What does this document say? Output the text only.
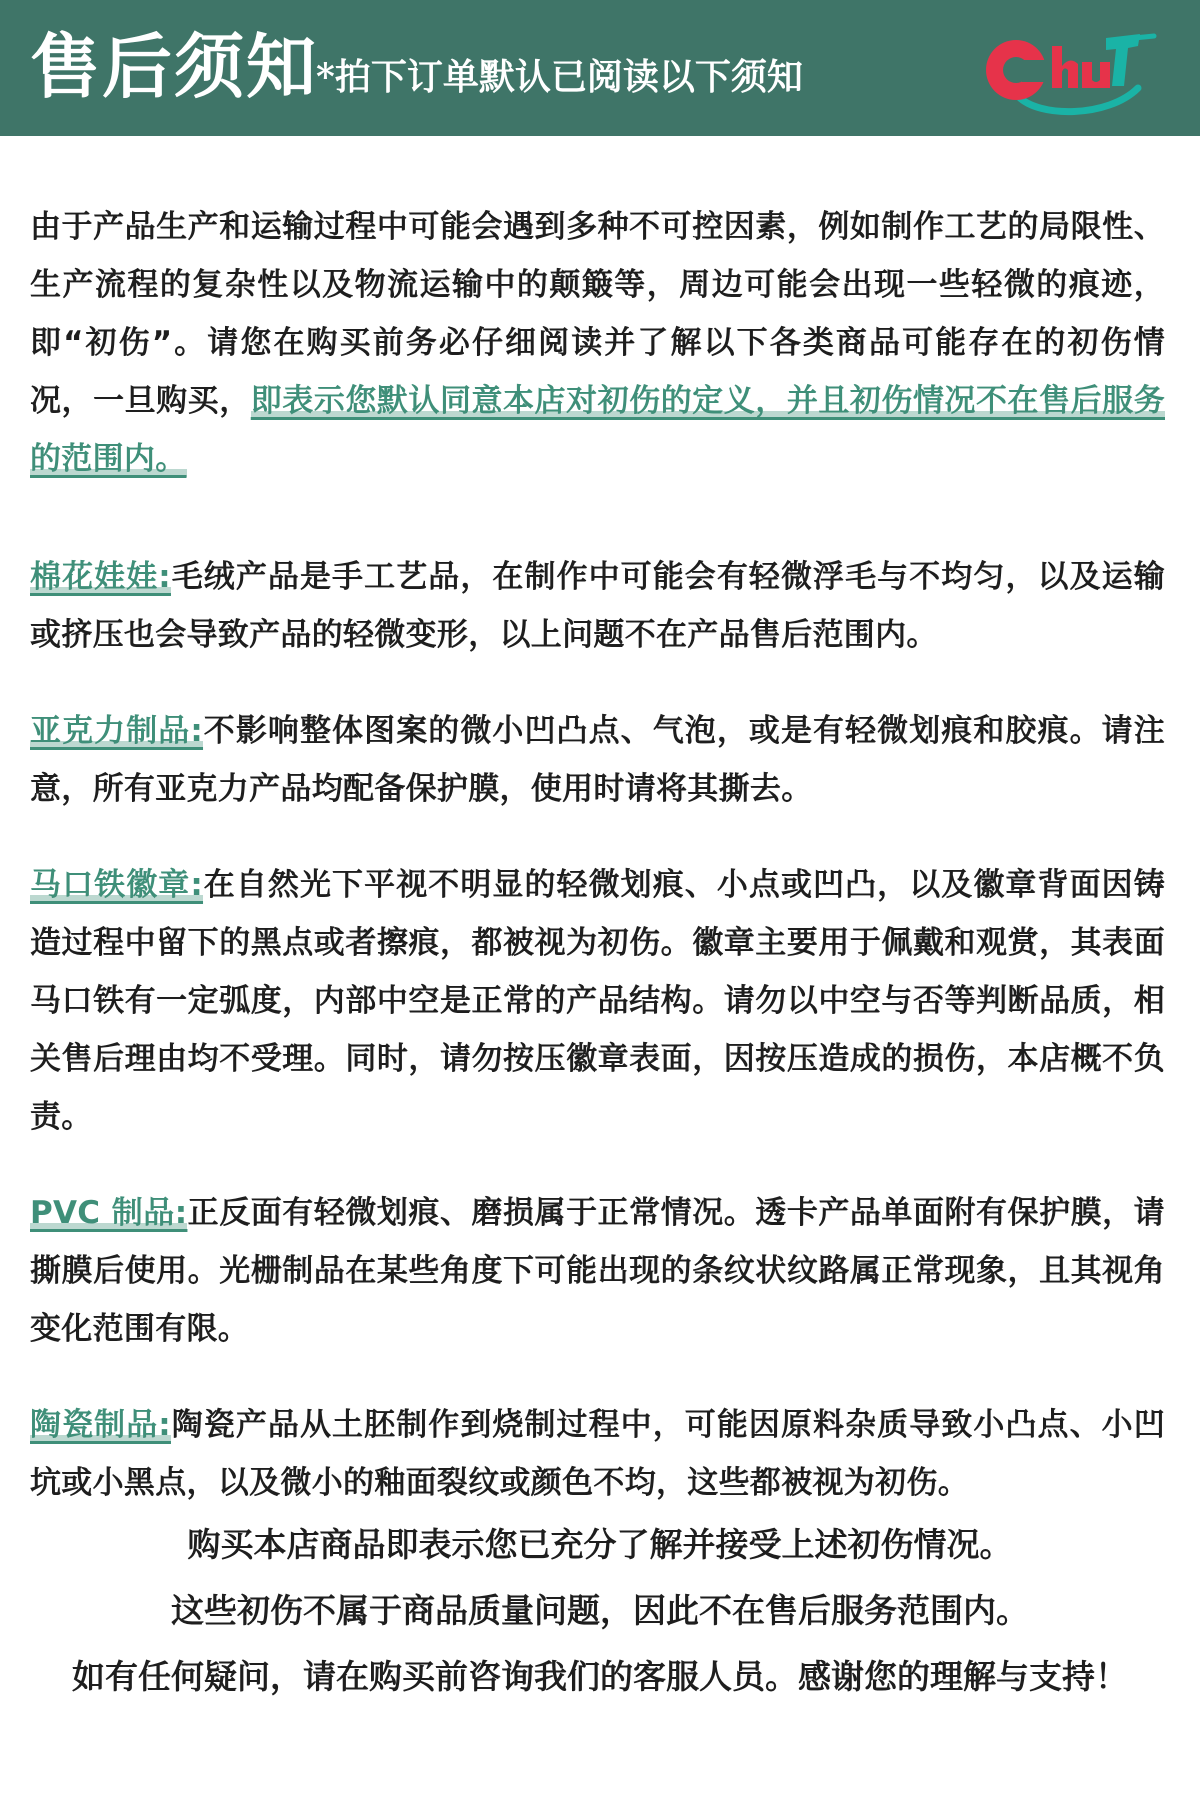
售后须知
*拍下订单默认已阅读以下须知

由于产品生产和运输过程中可能会遇到多种不可控因素，例如制作工艺的局限性、生产流程的复杂性以及物流运输中的颠簸等，周边可能会出现一些轻微的痕迹，即“初伤”。请您在购买前务必仔细阅读并了解以下各类商品可能存在的初伤情况，一旦购买，即表示您默认同意本店对初伤的定义，并且初伤情况不在售后服务的范围内。

棉花娃娃:毛绒产品是手工艺品，在制作中可能会有轻微浮毛与不均匀，以及运输或挤压也会导致产品的轻微变形，以上问题不在产品售后范围内。

亚克力制品:不影响整体图案的微小凹凸点、气泡，或是有轻微划痕和胶痕。请注意，所有亚克力产品均配备保护膜，使用时请将其撕去。

马口铁徽章:在自然光下平视不明显的轻微划痕、小点或凹凸，以及徽章背面因铸造过程中留下的黑点或者擦痕，都被视为初伤。徽章主要用于佩戴和观赏，其表面马口铁有一定弧度，内部中空是正常的产品结构。请勿以中空与否等判断品质，相关售后理由均不受理。同时，请勿按压徽章表面，因按压造成的损伤，本店概不负责。

PVC 制品:正反面有轻微划痕、磨损属于正常情况。透卡产品单面附有保护膜，请撕膜后使用。光栅制品在某些角度下可能出现的条纹状纹路属正常现象，且其视角变化范围有限。

陶瓷制品:陶瓷产品从土胚制作到烧制过程中，可能因原料杂质导致小凸点、小凹坑或小黑点，以及微小的釉面裂纹或颜色不均，这些都被视为初伤。

购买本店商品即表示您已充分了解并接受上述初伤情况。

这些初伤不属于商品质量问题，因此不在售后服务范围内。

如有任何疑问，请在购买前咨询我们的客服人员。感谢您的理解与支持！
